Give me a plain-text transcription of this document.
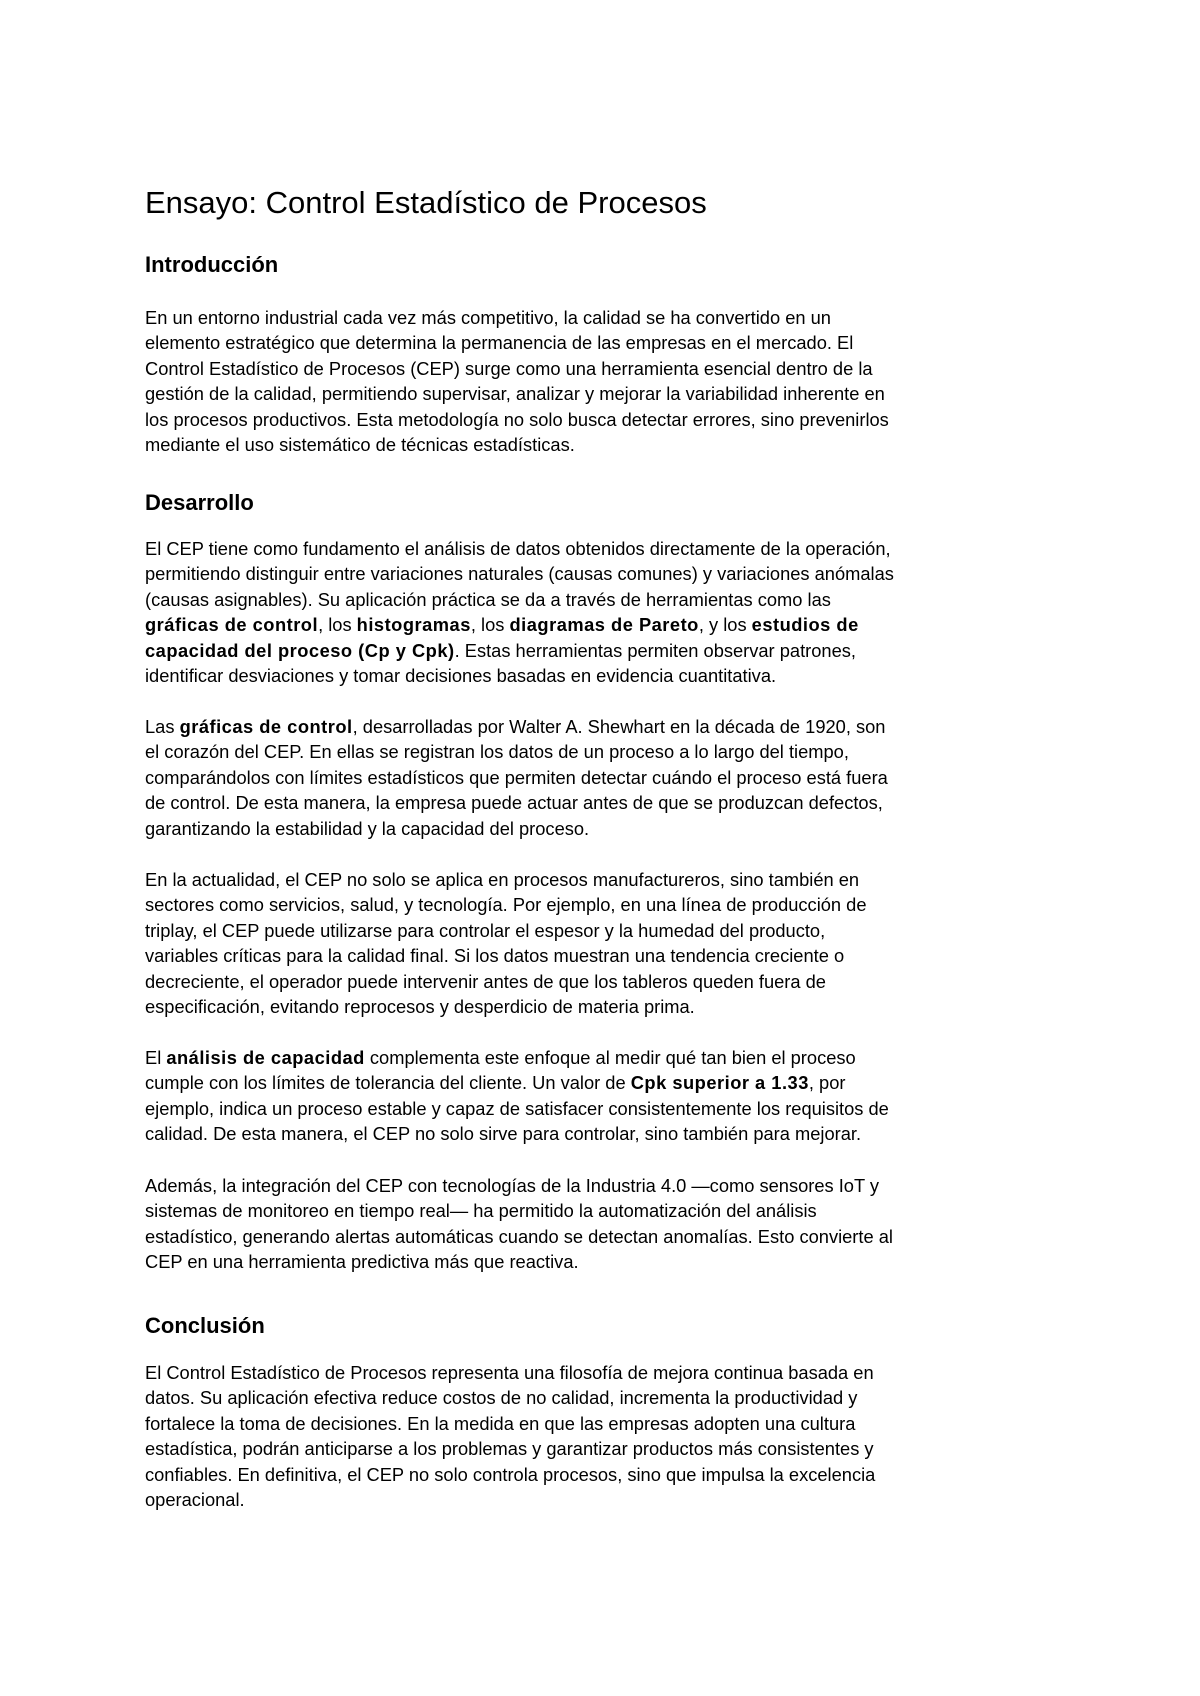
Ensayo: Control Estadístico de Procesos
Introducción
En un entorno industrial cada vez más competitivo, la calidad se ha convertido en un
elemento estratégico que determina la permanencia de las empresas en el mercado. El
Control Estadístico de Procesos (CEP) surge como una herramienta esencial dentro de la
gestión de la calidad, permitiendo supervisar, analizar y mejorar la variabilidad inherente en
los procesos productivos. Esta metodología no solo busca detectar errores, sino prevenirlos
mediante el uso sistemático de técnicas estadísticas.
Desarrollo
El CEP tiene como fundamento el análisis de datos obtenidos directamente de la operación,
permitiendo distinguir entre variaciones naturales (causas comunes) y variaciones anómalas
(causas asignables). Su aplicación práctica se da a través de herramientas como las
gráficas de control, los histogramas, los diagramas de Pareto, y los estudios de
capacidad del proceso (Cp y Cpk). Estas herramientas permiten observar patrones,
identificar desviaciones y tomar decisiones basadas en evidencia cuantitativa.
Las gráficas de control, desarrolladas por Walter A. Shewhart en la década de 1920, son
el corazón del CEP. En ellas se registran los datos de un proceso a lo largo del tiempo,
comparándolos con límites estadísticos que permiten detectar cuándo el proceso está fuera
de control. De esta manera, la empresa puede actuar antes de que se produzcan defectos,
garantizando la estabilidad y la capacidad del proceso.
En la actualidad, el CEP no solo se aplica en procesos manufactureros, sino también en
sectores como servicios, salud, y tecnología. Por ejemplo, en una línea de producción de
triplay, el CEP puede utilizarse para controlar el espesor y la humedad del producto,
variables críticas para la calidad final. Si los datos muestran una tendencia creciente o
decreciente, el operador puede intervenir antes de que los tableros queden fuera de
especificación, evitando reprocesos y desperdicio de materia prima.
El análisis de capacidad complementa este enfoque al medir qué tan bien el proceso
cumple con los límites de tolerancia del cliente. Un valor de Cpk superior a 1.33, por
ejemplo, indica un proceso estable y capaz de satisfacer consistentemente los requisitos de
calidad. De esta manera, el CEP no solo sirve para controlar, sino también para mejorar.
Además, la integración del CEP con tecnologías de la Industria 4.0 —como sensores IoT y
sistemas de monitoreo en tiempo real— ha permitido la automatización del análisis
estadístico, generando alertas automáticas cuando se detectan anomalías. Esto convierte al
CEP en una herramienta predictiva más que reactiva.
Conclusión
El Control Estadístico de Procesos representa una filosofía de mejora continua basada en
datos. Su aplicación efectiva reduce costos de no calidad, incrementa la productividad y
fortalece la toma de decisiones. En la medida en que las empresas adopten una cultura
estadística, podrán anticiparse a los problemas y garantizar productos más consistentes y
confiables. En definitiva, el CEP no solo controla procesos, sino que impulsa la excelencia
operacional.
